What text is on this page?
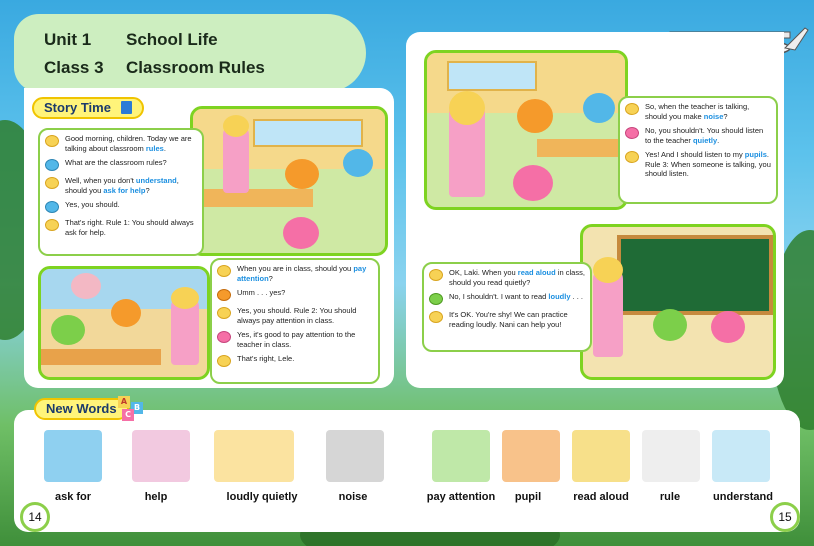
Unit 1 School Life
Class 3 Classroom Rules
Story Time
Good morning, children. Today we are talking about classroom rules.
What are the classroom rules?
Well, when you don't understand, should you ask for help?
Yes, you should.
That's right. Rule 1: You should always ask for help.
When you are in class, should you pay attention?
Umm . . . yes?
Yes, you should. Rule 2: You should always pay attention in class.
Yes, it's good to pay attention to the teacher in class.
That's right, Lele.
So, when the teacher is talking, should you make noise?
No, you shouldn't. You should listen to the teacher quietly.
Yes! And I should listen to my pupils. Rule 3: When someone is talking, you should listen.
OK, Laki. When you read aloud in class, should you read quietly?
No, I shouldn't. I want to read loudly . . .
It's OK. You're shy! We can practice reading loudly. Nani can help you!
New Words A
B
C
ask for	help	loudly quietly	noise	pay attention	pupil	read aloud	rule	understand
14	15
